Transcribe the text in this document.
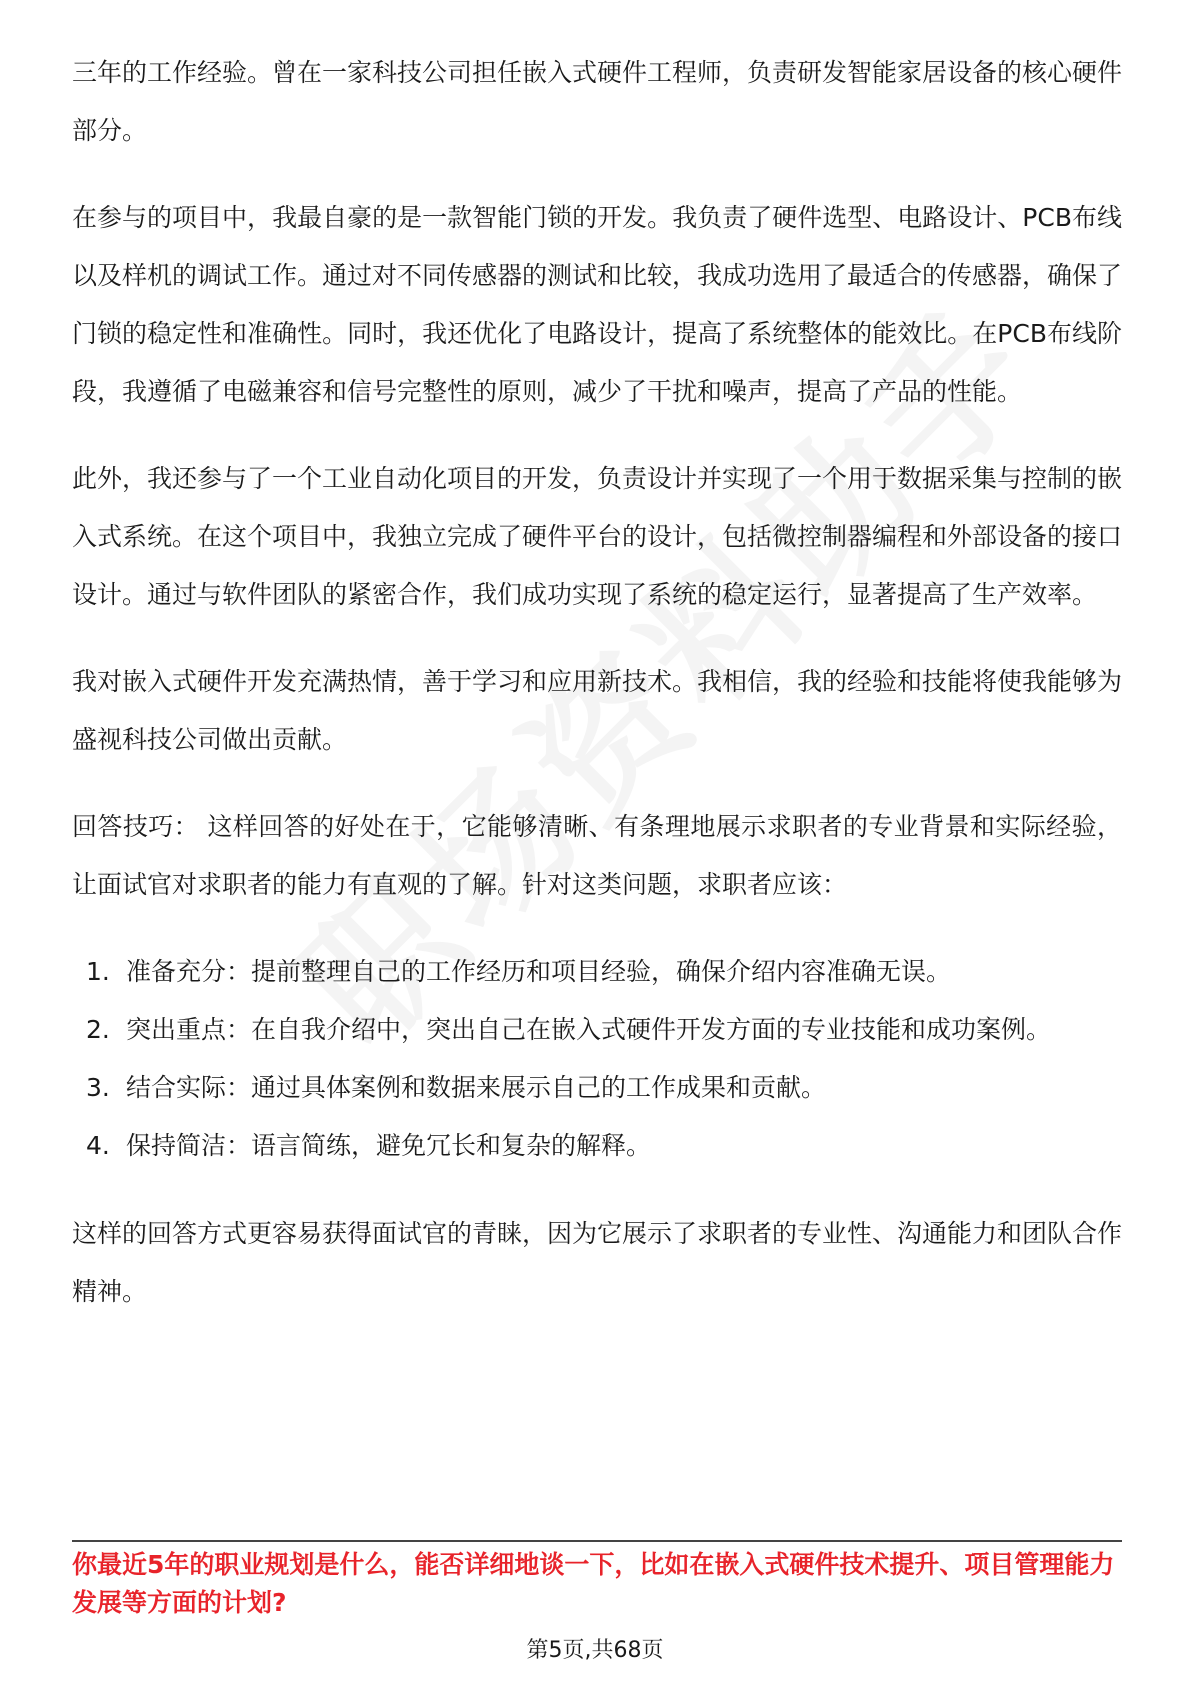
三年的工作经验。曾在一家科技公司担任嵌入式硬件工程师，负责研发智能家居设备的核心硬件部分。

在参与的项目中，我最自豪的是一款智能门锁的开发。我负责了硬件选型、电路设计、PCB布线以及样机的调试工作。通过对不同传感器的测试和比较，我成功选用了最适合的传感器，确保了门锁的稳定性和准确性。同时，我还优化了电路设计，提高了系统整体的能效比。在PCB布线阶段，我遵循了电磁兼容和信号完整性的原则，减少了干扰和噪声，提高了产品的性能。

此外，我还参与了一个工业自动化项目的开发，负责设计并实现了一个用于数据采集与控制的嵌入式系统。在这个项目中，我独立完成了硬件平台的设计，包括微控制器编程和外部设备的接口设计。通过与软件团队的紧密合作，我们成功实现了系统的稳定运行，显著提高了生产效率。

我对嵌入式硬件开发充满热情，善于学习和应用新技术。我相信，我的经验和技能将使我能够为盛视科技公司做出贡献。

回答技巧： 这样回答的好处在于，它能够清晰、有条理地展示求职者的专业背景和实际经验，让面试官对求职者的能力有直观的了解。针对这类问题，求职者应该：

1. 准备充分：提前整理自己的工作经历和项目经验，确保介绍内容准确无误。
2. 突出重点：在自我介绍中，突出自己在嵌入式硬件开发方面的专业技能和成功案例。
3. 结合实际：通过具体案例和数据来展示自己的工作成果和贡献。
4. 保持简洁：语言简练，避免冗长和复杂的解释。

这样的回答方式更容易获得面试官的青睐，因为它展示了求职者的专业性、沟通能力和团队合作精神。

你最近5年的职业规划是什么，能否详细地谈一下，比如在嵌入式硬件技术提升、项目管理能力发展等方面的计划?
第5页,共68页
